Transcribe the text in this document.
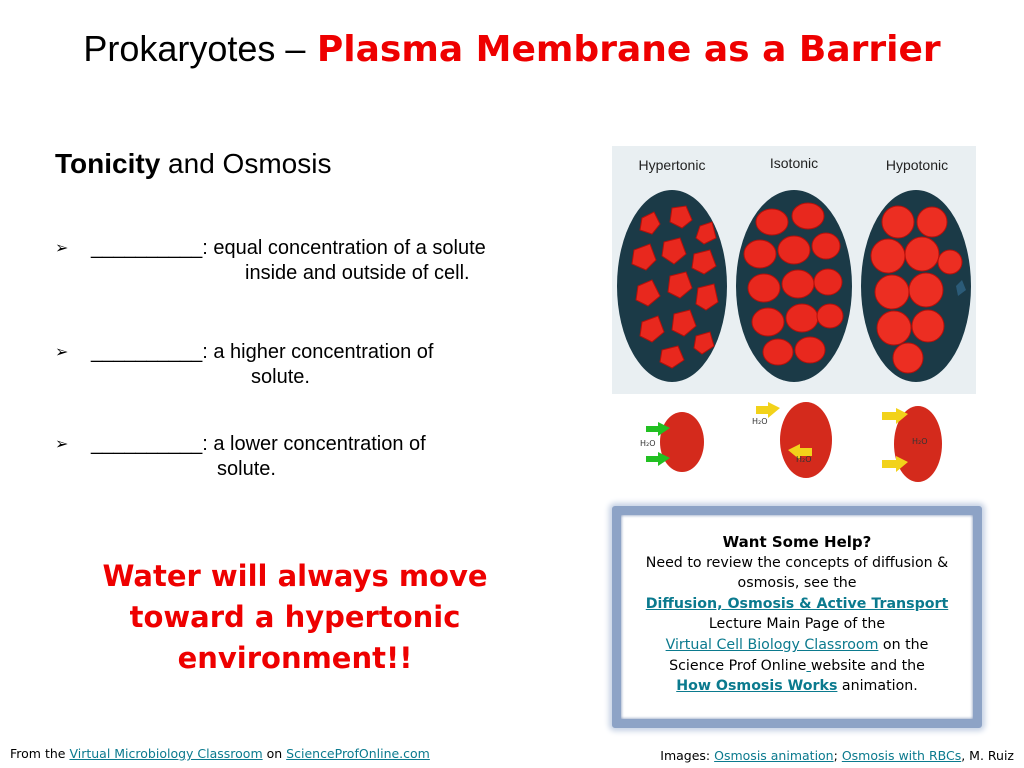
Prokaryotes – Plasma Membrane as a Barrier
Tonicity and Osmosis
➢ __________: equal concentration of a solute
inside and outside of cell.
➢ __________: a higher concentration of
solute.
➢ __________: a lower concentration of
solute.
Water will always move toward a hypertonic environment!!
Hypertonic	Isotonic	Hypotonic
H₂O
H₂O
H₂O
H₂O
Want Some Help?
Need to review the concepts of diffusion & osmosis, see the
Diffusion, Osmosis & Active Transport
Lecture Main Page of the
Virtual Cell Biology Classroom on the
Science Prof Online website and the
How Osmosis Works animation.
From the Virtual Microbiology Classroom on ScienceProfOnline.com	Images: Osmosis animation; Osmosis with RBCs, M. Ruiz
